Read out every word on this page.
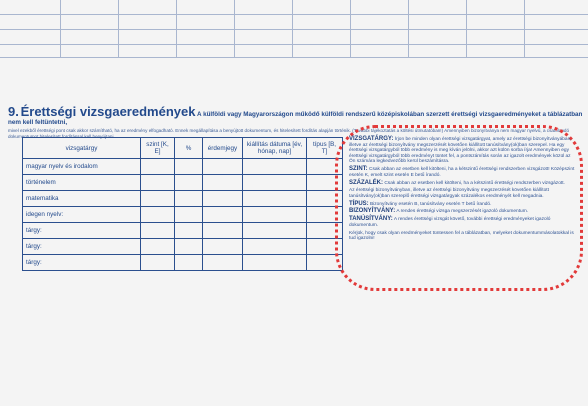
9. Érettségi vizsgaeredmények A külföldi vagy Magyarországon működő külföldi rendszerű középiskolában szerzett érettségi vizsgaeredményeket a táblázatban nem kell feltüntetni,
mivel ezekből érettségi pont csak akkor számítható, ha az eredmény elfogadható. Ennek megállapítása a benyújtott dokumentum, és hitelesített fordítás alapján történik. (További tájékoztatás a költési útmutatóban!) Amennyiben bizonyítványa nem magyar nyelvű, a csatolandó dokumentumot hitelesített fordítással kell benyújtani.
vizsgatárgy	szint [K, E]	%	érdemjegy	kiállítás dátuma [év, hónap, nap]	típus [B, T]
magyar nyelv és irodalom					
történelem					
matematika					
idegen nyelv:					
tárgy:					
tárgy:					
tárgy:					

VIZSGATÁRGY: Írjon be minden olyan érettségi vizsgatárgyat, amely az érettségi bizonyítványában, illetve az érettségi bizonyítvány megszerzését követően kiállított tanúsítvány(ok)ban szerepel. Ha egy érettségi vizsgatárgyból több eredmény is meg kíván jelölni, akkor azt külön sorba írja! Amennyiben egy érettségi vizsgatárgyból több eredményt tüntet fel, a pontszámítás során az igazolt eredmények közül az Ön számára legkedvezőbb kerül beszámításra.

SZINT: Csak abban az esetben kell kitölteni, ha a kétszintű érettségi rendszerben vizsgázott! Középszint esetén K, emelt szint esetén E betű írandó.

SZÁZALÉK: Csak abban az esetben kell kitölteni, ha a kétszintű érettségi rendszerben vizsgázott.

Az érettségi bizonyítványban, illetve az érettségi bizonyítvány megszerzését követően kiállított tanúsítvány(ok)ban szereplő érettségi vizsgatárgyak százalékos eredményét kell megadnia.

TÍPUS: Bizonyítvány esetén B, tanúsítvány esetén T betű írandó.

BIZONYÍTVÁNY: A rendes érettségi vizsga megszerzését igazoló dokumentum.

TANÚSÍTVÁNY: A rendes érettségi vizsgát követő, további érettségi eredményeket igazoló dokumentum.

Kérjük, hogy csak olyan eredményeket tüntessen fel a táblázatban, melyeket dokumentummásolatokkal is tud igazolni!
